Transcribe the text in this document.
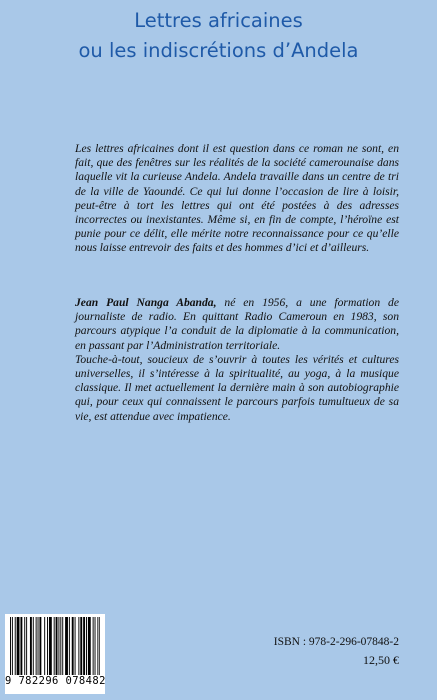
Lettres africaines
ou les indiscrétions d’Andela

Les lettres africaines dont il est question dans ce roman ne sont, en fait, que des fenêtres sur les réalités de la société camerounaise dans laquelle vit la curieuse Andela. Andela travaille dans un centre de tri de la ville de Yaoundé. Ce qui lui donne l’occasion de lire à loisir, peut-être à tort les lettres qui ont été postées à des adresses incorrectes ou inexistantes. Même si, en fin de compte, l’héroïne est punie pour ce délit, elle mérite notre reconnaissance pour ce qu’elle nous laisse entrevoir des faits et des hommes d’ici et d’ailleurs.

Jean Paul Nanga Abanda, né en 1956, a une formation de journaliste de radio. En quittant Radio Cameroun en 1983, son parcours atypique l’a conduit de la diplomatie à la communication, en passant par l’Administration territoriale.

Touche-à-tout, soucieux de s’ouvrir à toutes les vérités et cultures universelles, il s’intéresse à la spiritualité, au yoga, à la musique classique. Il met actuellement la dernière main à son autobiographie qui, pour ceux qui connaissent le parcours parfois tumultueux de sa vie, est attendue avec impatience.

9 782296 078482
ISBN : 978-2-296-07848-2
12,50 €
